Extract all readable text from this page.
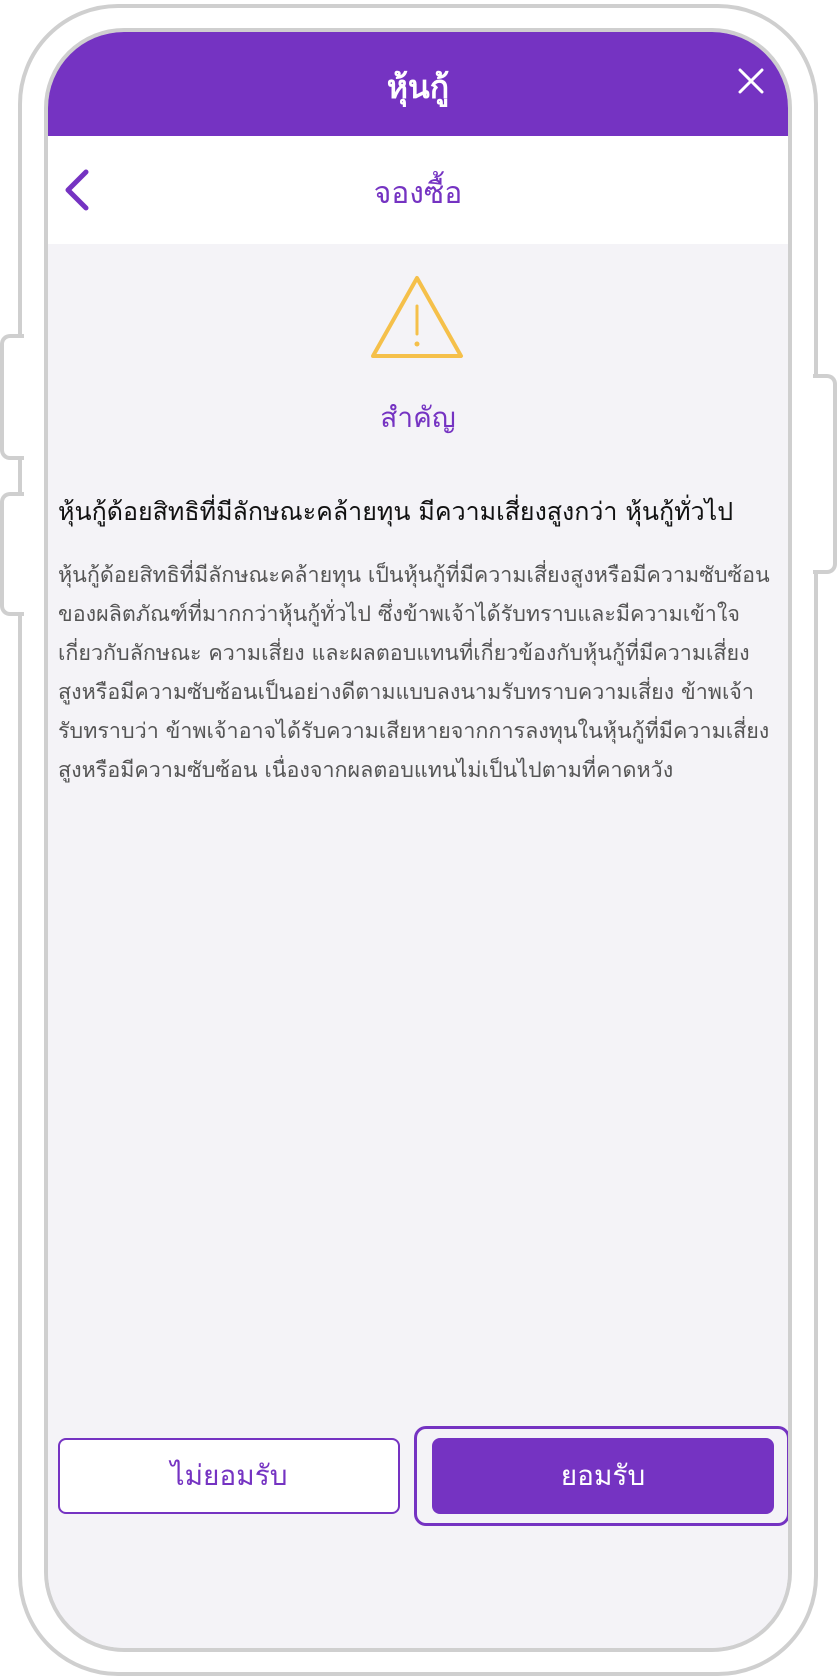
หุ้นกู้
จองซื้อ
สำคัญ
หุ้นกู้ด้อยสิทธิที่มีลักษณะคล้ายทุน มีความเสี่ยงสูงกว่า หุ้นกู้ทั่วไป
หุ้นกู้ด้อยสิทธิที่มีลักษณะคล้ายทุน เป็นหุ้นกู้ที่มีความเสี่ยงสูงหรือมีความซับซ้อนของผลิตภัณฑ์ที่มากกว่าหุ้นกู้ทั่วไป ซึ่งข้าพเจ้าได้รับทราบและมีความเข้าใจเกี่ยวกับลักษณะ ความเสี่ยง และผลตอบแทนที่เกี่ยวข้องกับหุ้นกู้ที่มีความเสี่ยงสูงหรือมีความซับซ้อนเป็นอย่างดีตามแบบลงนามรับทราบความเสี่ยง ข้าพเจ้ารับทราบว่า ข้าพเจ้าอาจได้รับความเสียหายจากการลงทุนในหุ้นกู้ที่มีความเสี่ยงสูงหรือมีความซับซ้อน เนื่องจากผลตอบแทนไม่เป็นไปตามที่คาดหวัง
ไม่ยอมรับ	ยอมรับ
